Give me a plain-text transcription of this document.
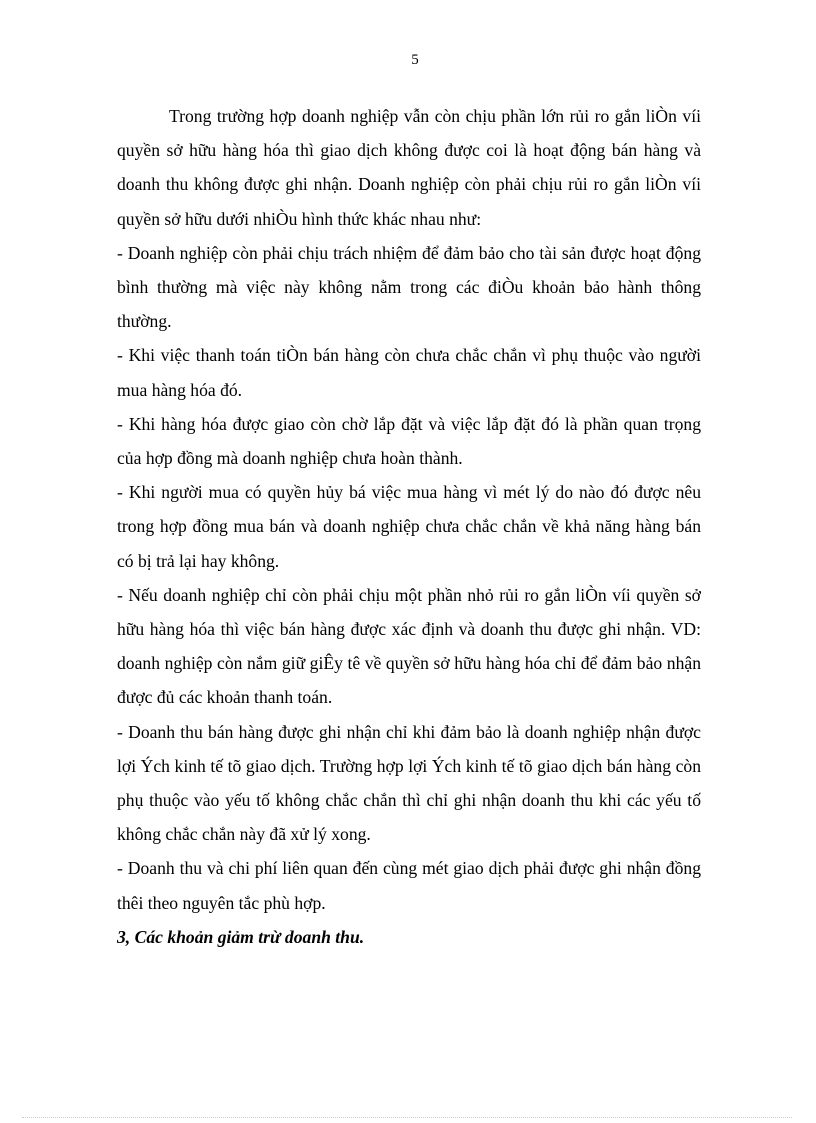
5

Trong trường hợp doanh nghiệp vẫn còn chịu phần lớn rủi ro gắn liÒn víi quyền sở hữu hàng hóa thì giao dịch không được coi là hoạt động bán hàng và doanh thu không được ghi nhận. Doanh nghiệp còn phải chịu rủi ro gắn liÒn víi quyền sở hữu dưới nhiÒu hình thức khác nhau như:

- Doanh nghiệp còn phải chịu trách nhiệm để đảm bảo cho tài sản được hoạt động bình thường mà việc này không nằm trong các điÒu khoản bảo hành thông thường.

- Khi việc thanh toán tiÒn bán hàng còn chưa chắc chắn vì phụ thuộc vào người mua hàng hóa đó.

- Khi hàng hóa được giao còn chờ lắp đặt và việc lắp đặt đó là phần quan trọng của hợp đồng mà doanh nghiệp chưa hoàn thành.

- Khi người mua có quyền hủy bá việc mua hàng vì mét lý do nào đó được nêu trong hợp đồng mua bán và doanh nghiệp chưa chắc chắn về khả năng hàng bán có bị trả lại hay không.

- Nếu doanh nghiệp chỉ còn phải chịu một phần nhỏ rủi ro gắn liÒn víi quyền sở hữu hàng hóa thì việc bán hàng được xác định và doanh thu được ghi nhận. VD: doanh nghiệp còn nắm giữ giÊy tê về quyền sở hữu hàng hóa chỉ để đảm bảo nhận được đủ các khoản thanh toán.

- Doanh thu bán hàng được ghi nhận chỉ khi đảm bảo là doanh nghiệp nhận được lợi Ých kinh tế tõ giao dịch. Trường hợp lợi Ých kinh tế tõ giao dịch bán hàng còn phụ thuộc vào yếu tố không chắc chắn thì chỉ ghi nhận doanh thu khi các yếu tố không chắc chắn này đã xử lý xong.

- Doanh thu và chi phí liên quan đến cùng mét giao dịch phải được ghi nhận đồng thêi theo nguyên tắc phù hợp.

3, Các khoản giảm trừ doanh thu.
